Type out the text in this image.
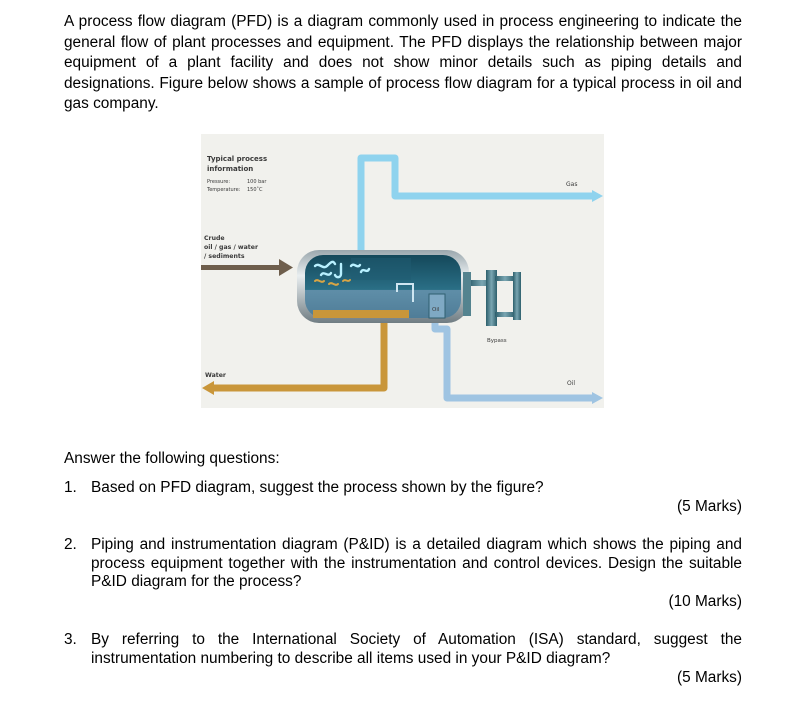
A process flow diagram (PFD) is a diagram commonly used in process engineering to indicate the general flow of plant processes and equipment. The PFD displays the relationship between major equipment of a plant facility and does not show minor details such as piping details and designations. Figure below shows a sample of process flow diagram for a typical process in oil and gas company.

Typical process
information
Pressure:	100 bar
Temperature: 150˚C
Gas
Crude
oil / gas / water
/ sediments
Water
Oil
Bypass
Oil

Answer the following questions:

1. Based on PFD diagram, suggest the process shown by the figure?
(5 Marks)
2. Piping and instrumentation diagram (P&ID) is a detailed diagram which shows the piping and process equipment together with the instrumentation and control devices. Design the suitable P&ID diagram for the process?
(10 Marks)
3. By referring to the International Society of Automation (ISA) standard, suggest the instrumentation numbering to describe all items used in your P&ID diagram?
(5 Marks)
